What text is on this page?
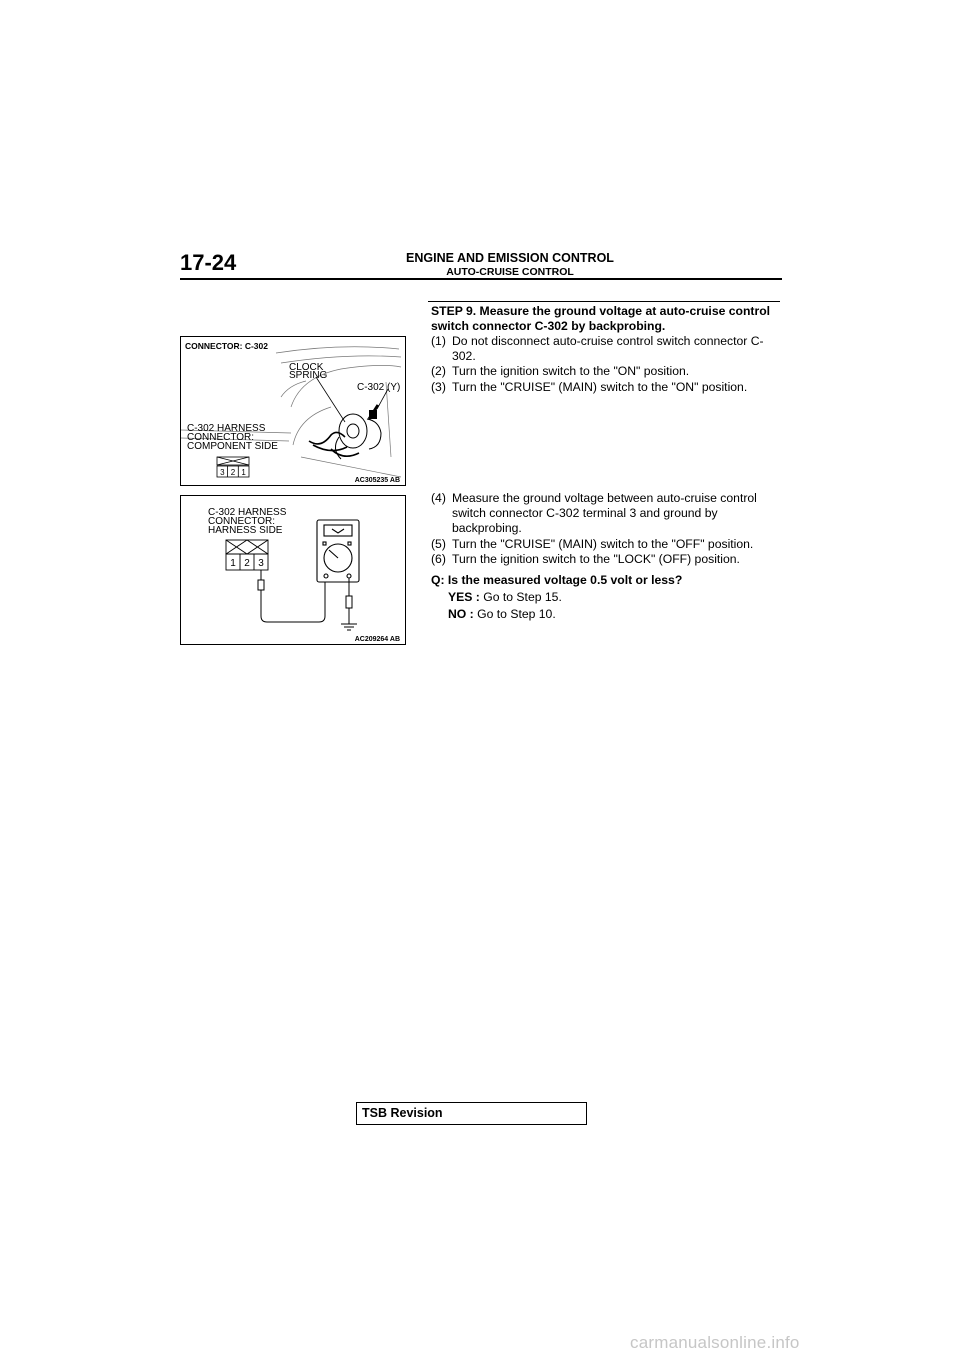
17-24	ENGINE AND EMISSION CONTROL
AUTO-CRUISE CONTROL
CONNECTOR: C-302
CLOCK
SPRING
C-302 (Y)
C-302 HARNESS
CONNECTOR:
COMPONENT SIDE
3 2 1
AC305235 AB
C-302 HARNESS
CONNECTOR:
HARNESS SIDE
1 2 3
AC209264 AB
STEP 9. Measure the ground voltage at auto-cruise control
switch connector C-302 by backprobing.
(1) Do not disconnect auto-cruise control switch connector C-
302.
(2) Turn the ignition switch to the "ON" position.
(3) Turn the "CRUISE" (MAIN) switch to the "ON" position.
(4) Measure the ground voltage between auto-cruise control
switch connector C-302 terminal 3 and ground by
backprobing.
(5) Turn the "CRUISE" (MAIN) switch to the "OFF" position.
(6) Turn the ignition switch to the "LOCK" (OFF) position.
Q: Is the measured voltage 0.5 volt or less?
YES : Go to Step 15.
NO : Go to Step 10.
TSB Revision
carmanualsonline.info
